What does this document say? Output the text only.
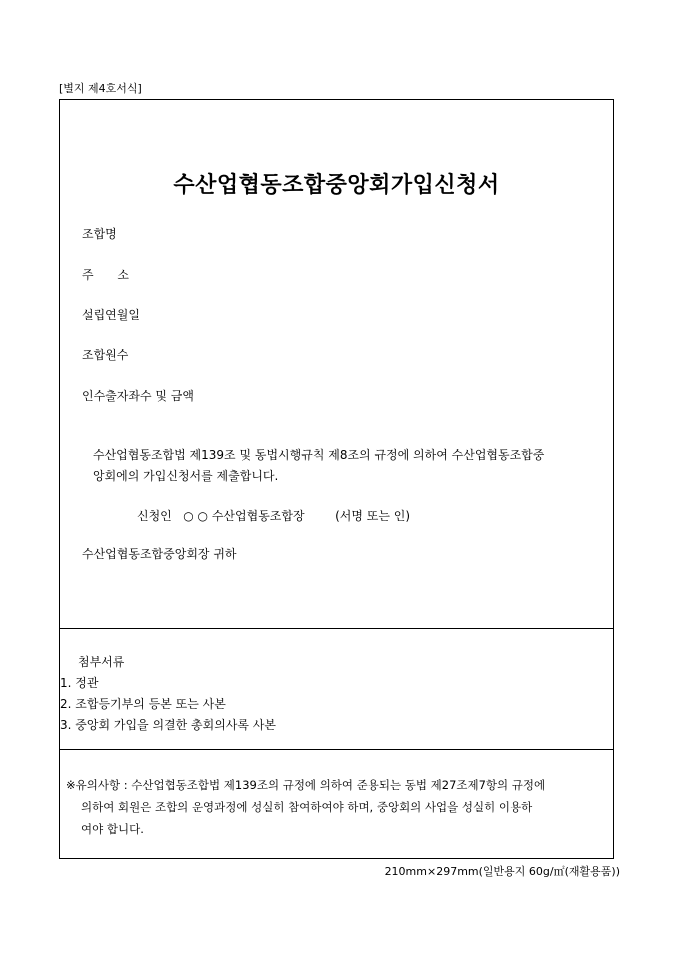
[별지 제4호서식]
수산업협동조합중앙회가입신청서
조합명
주 소
설립연월일
조합원수
인수출자좌수 및 금액

수산업협동조합법 제139조 및 동법시행규칙 제8조의 규정에 의하여 수산업협동조합중

앙회에의 가입신청서를 제출합니다.

신청인 ○ ○ 수산업협동조합장	(서명 또는 인)
수산업협동조합중앙회장 귀하
첨부서류
1. 정관
2. 조합등기부의 등본 또는 사본
3. 중앙회 가입을 의결한 총회의사록 사본

※유의사항 : 수산업협동조합법 제139조의 규정에 의하여 준용되는 동법 제27조제7항의 규정에

의하여 회원은 조합의 운영과정에 성실히 참여하여야 하며, 중앙회의 사업을 성실히 이용하

여야 합니다.

210mm×297mm(일반용지 60g/㎡(재활용품))
